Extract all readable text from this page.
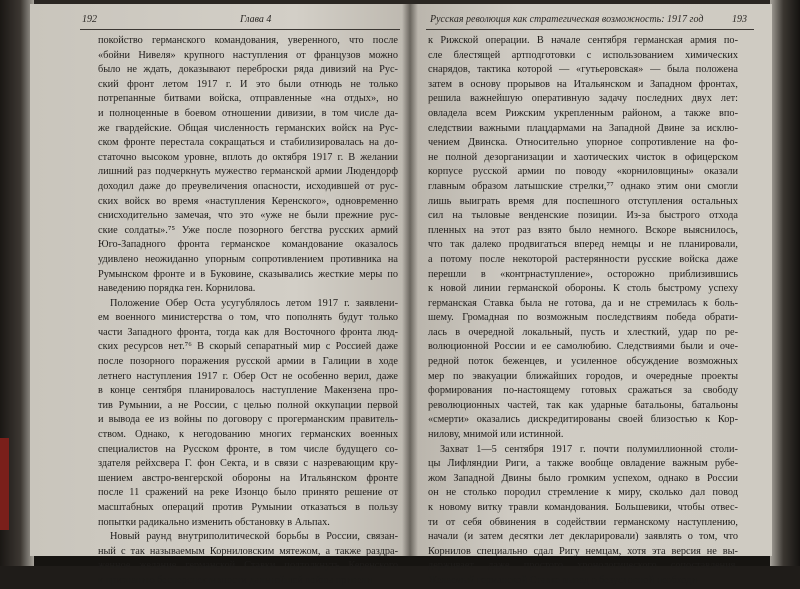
192	Глава 4
покойство германского командования, уверенного, что после
«бойни Нивеля» крупного наступления от французов можно
было не ждать, доказывают переброски ряда дивизий на Рус-
ский фронт летом 1917 г. И это были отнюдь не только
потрепанные битвами войска, отправленные «на отдых», но
и полноценные в боевом отношении дивизии, в том числе да-
же гвардейские. Общая численность германских войск на Рус-
ском фронте перестала сокращаться и стабилизировалась на до-
статочно высоком уровне, вплоть до октября 1917 г. В желании
лишний раз подчеркнуть мужество германской армии Людендорф
доходил даже до преувеличения опасности, исходившей от рус-
ских войск во время «наступления Керенского», одновременно
снисходительно замечая, что это «уже не были прежние рус-
ские солдаты».⁷⁵ Уже после позорного бегства русских армий
Юго-Западного фронта германское командование оказалось
удивлено неожиданно упорным сопротивлением противника на
Румынском фронте и в Буковине, сказывались жесткие меры по
наведению порядка ген. Корнилова.
Положение Обер Оста усугублялось летом 1917 г. заявлени-
ем военного министерства о том, что пополнять будут только
части Западного фронта, тогда как для Восточного фронта люд-
ских ресурсов нет.⁷⁶ В скорый сепаратный мир с Россией даже
после позорного поражения русской армии в Галиции в ходе
летнего наступления 1917 г. Обер Ост не особенно верил, даже
в конце сентября планировалось наступление Макензена про-
тив Румынии, а не России, с целью полной оккупации первой
и вывода ее из войны по договору с прогерманским правитель-
ством. Однако, к негодованию многих германских военных
специалистов на Русском фронте, в том числе будущего со-
здателя рейхсвера Г. фон Секта, и в связи с назревающим кру-
шением австро-венгерской обороны на Итальянском фронте
после 11 сражений на реке Изонцо было принято решение от
масштабных операций против Румынии отказаться в пользу
попытки радикально изменить обстановку в Альпах.
Новый раунд внутриполитической борьбы в России, связан-
ный с так называемым Корниловским мятежом, а также раздра-
женное желание германской Ставки подтолкнуть Керенского
к признанию бесперспективности дальнейшей войны привели
Русская революция как стратегическая возможность: 1917 год	193
к Рижской операции. В начале сентября германская армия по-
сле блестящей артподготовки с использованием химических
снарядов, тактика которой — «гутьеровская» — была положена
затем в основу прорывов на Итальянском и Западном фронтах,
решила важнейшую оперативную задачу последних двух лет:
овладела всем Рижским укрепленным районом, а также впо-
следствии важными плацдармами на Западной Двине за исклю-
чением Двинска. Относительно упорное сопротивление на фо-
не полной дезорганизации и хаотических чисток в офицерском
корпусе русской армии по поводу «корниловщины» оказали
главным образом латышские стрелки,⁷⁷ однако этим они смогли
лишь выиграть время для поспешного отступления остальных
сил на тыловые венденские позиции. Из-за быстрого отхода
пленных на этот раз взято было немного. Вскоре выяснилось,
что так далеко продвигаться вперед немцы и не планировали,
а потому после некоторой растерянности русские войска даже
перешли в «контрнаступление», осторожно приблизившись
к новой линии германской обороны. К столь быстрому успеху
германская Ставка была не готова, да и не стремилась к боль-
шему. Громадная по возможным последствиям победа обрати-
лась в очередной локальный, пусть и хлесткий, удар по ре-
волюционной России и ее самолюбию. Следствиями были и оче-
редной поток беженцев, и усиленное обсуждение возможных
мер по эвакуации ближайших городов, и очередные проекты
формирования по-настоящему готовых сражаться за свободу
революционных частей, так как ударные батальоны, батальоны
«смерти» оказались дискредитированы своей близостью к Кор-
нилову, мнимой или истинной.
Захват 1—5 сентября 1917 г. почти полумиллионной столи-
цы Лифляндии Риги, а также вообще овладение важным рубе-
жом Западной Двины было громким успехом, однако в России
он не столько породил стремление к миру, сколько дал повод
к новому витку травли командования. Большевики, чтобы отвес-
ти от себя обвинения в содействии германскому наступлению,
начали (и затем десятки лет декларировали) заявлять о том, что
Корнилов специально сдал Ригу немцам, хотя эта версия не вы-
держивает даже простого хронологического сопоставления.
Желаемый германской Ставке вывод о безусловной необходи-
